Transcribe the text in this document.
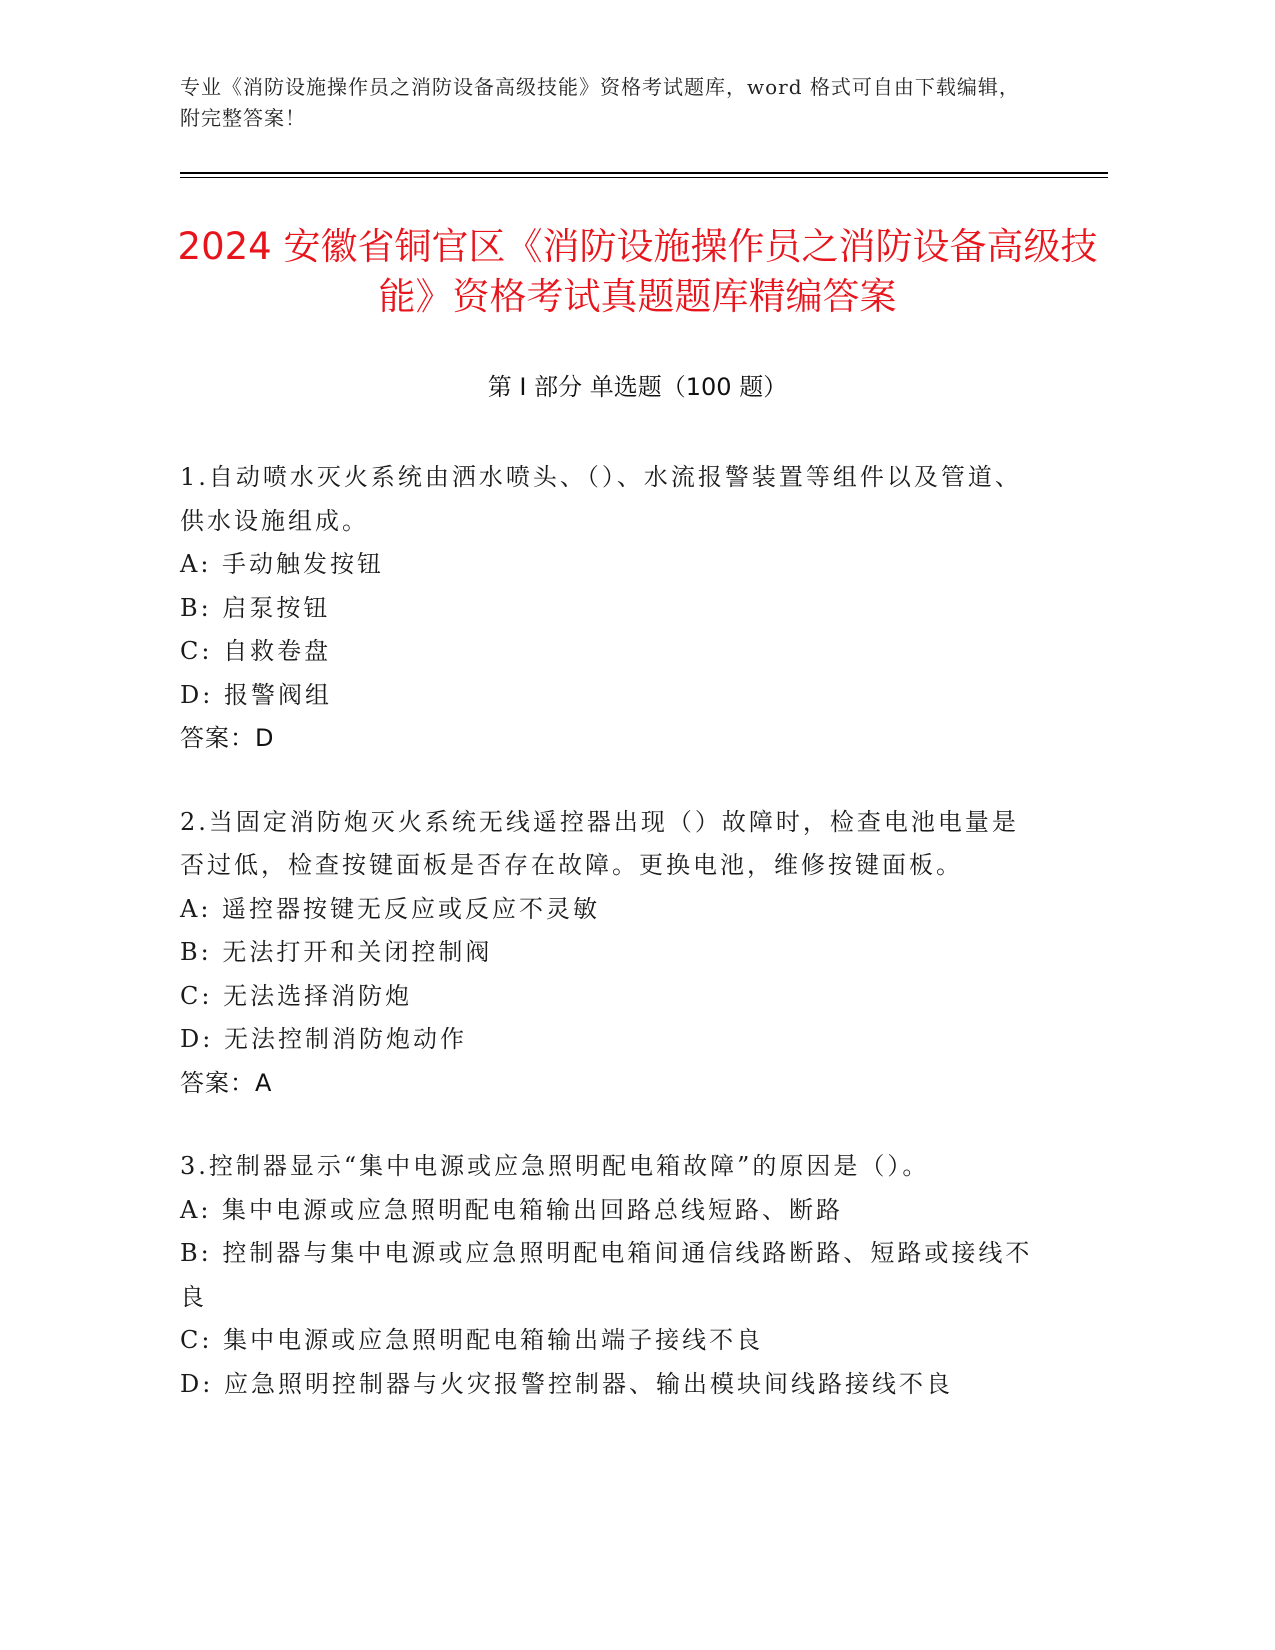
专业《消防设施操作员之消防设备高级技能》资格考试题库，word 格式可自由下载编辑，附完整答案！
2024 安徽省铜官区《消防设施操作员之消防设备高级技能》资格考试真题题库精编答案
第 I 部分 单选题（100 题）

1.自动喷水灭火系统由洒水喷头、（）、水流报警装置等组件以及管道、供水设施组成。

A: 手动触发按钮

B: 启泵按钮

C: 自救卷盘

D: 报警阀组

答案：D

2.当固定消防炮灭火系统无线遥控器出现（）故障时，检查电池电量是否过低，检查按键面板是否存在故障。更换电池，维修按键面板。

A: 遥控器按键无反应或反应不灵敏

B: 无法打开和关闭控制阀

C: 无法选择消防炮

D: 无法控制消防炮动作

答案：A

3.控制器显示“集中电源或应急照明配电箱故障”的原因是（）。

A: 集中电源或应急照明配电箱输出回路总线短路、断路

B: 控制器与集中电源或应急照明配电箱间通信线路断路、短路或接线不良

C: 集中电源或应急照明配电箱输出端子接线不良

D: 应急照明控制器与火灾报警控制器、输出模块间线路接线不良
